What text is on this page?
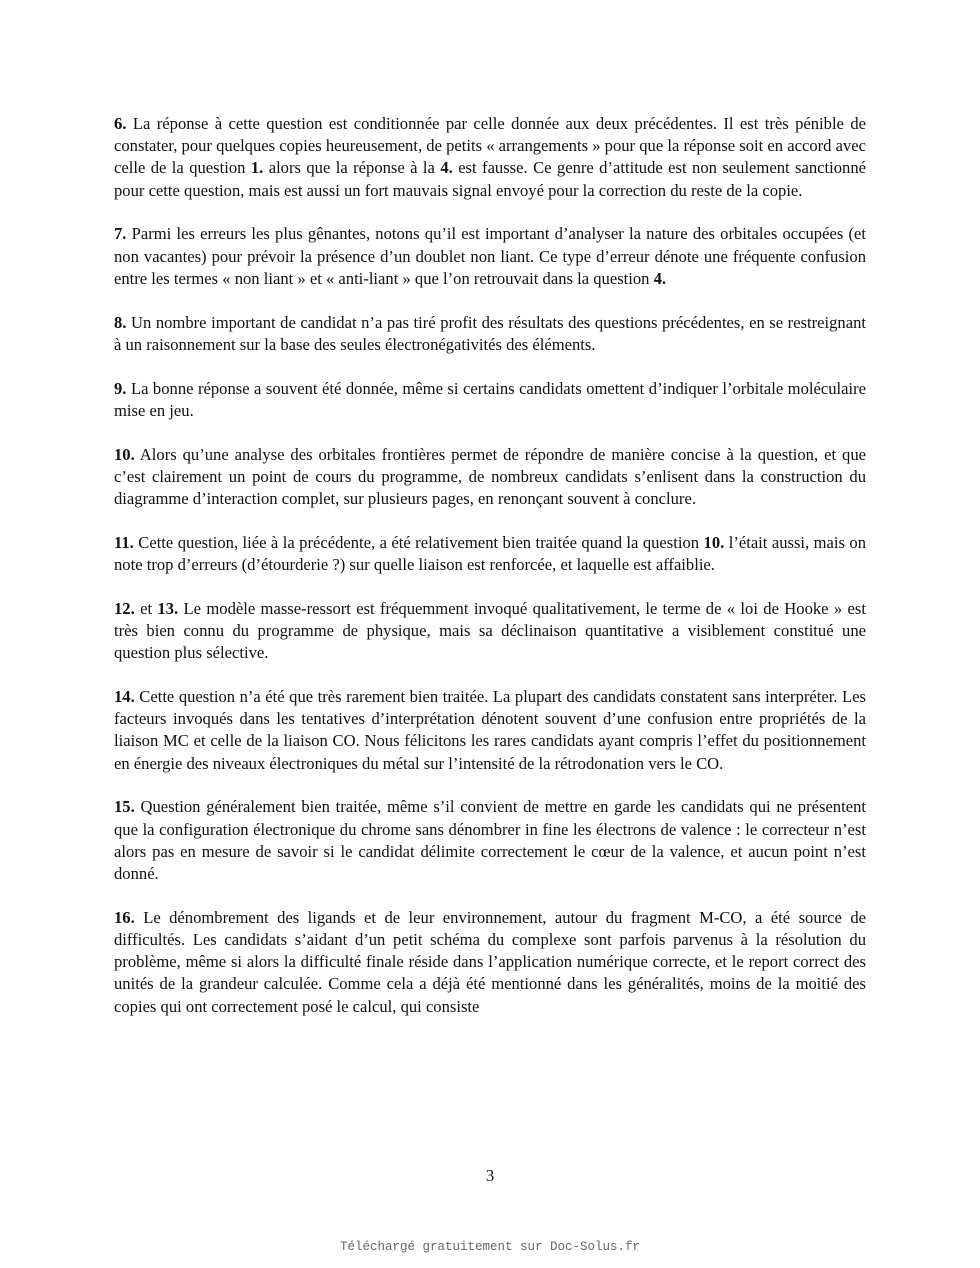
6. La réponse à cette question est conditionnée par celle donnée aux deux précédentes. Il est très pénible de constater, pour quelques copies heureusement, de petits « arrangements » pour que la réponse soit en accord avec celle de la question 1. alors que la réponse à la 4. est fausse. Ce genre d’attitude est non seulement sanctionné pour cette question, mais est aussi un fort mauvais signal envoyé pour la correction du reste de la copie.

7. Parmi les erreurs les plus gênantes, notons qu’il est important d’analyser la nature des orbitales occupées (et non vacantes) pour prévoir la présence d’un doublet non liant. Ce type d’erreur dénote une fréquente confusion entre les termes « non liant » et « anti-liant » que l’on retrouvait dans la question 4.

8. Un nombre important de candidat n’a pas tiré profit des résultats des questions précédentes, en se restreignant à un raisonnement sur la base des seules électronégativités des éléments.

9. La bonne réponse a souvent été donnée, même si certains candidats omettent d’indiquer l’orbitale moléculaire mise en jeu.

10. Alors qu’une analyse des orbitales frontières permet de répondre de manière concise à la question, et que c’est clairement un point de cours du programme, de nombreux candidats s’enlisent dans la construction du diagramme d’interaction complet, sur plusieurs pages, en renonçant souvent à conclure.

11. Cette question, liée à la précédente, a été relativement bien traitée quand la question 10. l’était aussi, mais on note trop d’erreurs (d’étourderie ?) sur quelle liaison est renforcée, et laquelle est affaiblie.

12. et 13. Le modèle masse-ressort est fréquemment invoqué qualitativement, le terme de « loi de Hooke » est très bien connu du programme de physique, mais sa déclinaison quantitative a visiblement constitué une question plus sélective.

14. Cette question n’a été que très rarement bien traitée. La plupart des candidats constatent sans interpréter. Les facteurs invoqués dans les tentatives d’interprétation dénotent souvent d’une confusion entre propriétés de la liaison MC et celle de la liaison CO. Nous félicitons les rares candidats ayant compris l’effet du positionnement en énergie des niveaux électroniques du métal sur l’intensité de la rétrodonation vers le CO.

15. Question généralement bien traitée, même s’il convient de mettre en garde les candidats qui ne présentent que la configuration électronique du chrome sans dénombrer in fine les électrons de valence : le correcteur n’est alors pas en mesure de savoir si le candidat délimite correctement le cœur de la valence, et aucun point n’est donné.

16. Le dénombrement des ligands et de leur environnement, autour du fragment M-CO, a été source de difficultés. Les candidats s’aidant d’un petit schéma du complexe sont parfois parvenus à la résolution du problème, même si alors la difficulté finale réside dans l’application numérique correcte, et le report correct des unités de la grandeur calculée. Comme cela a déjà été mentionné dans les généralités, moins de la moitié des copies qui ont correctement posé le calcul, qui consiste

3
Téléchargé gratuitement sur Doc-Solus.fr
